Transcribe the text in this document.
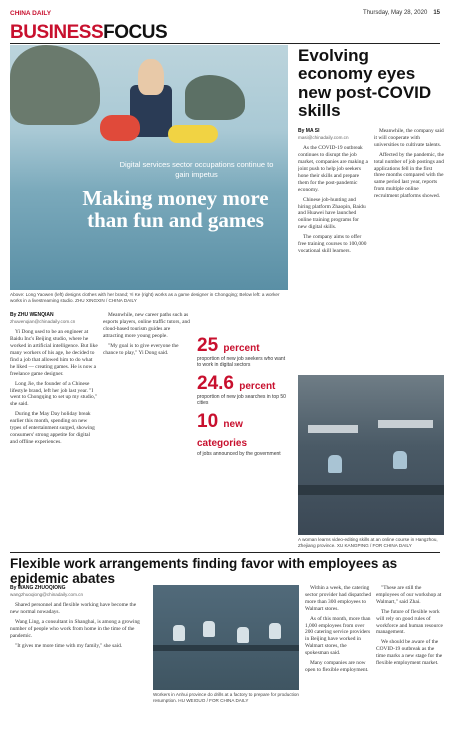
CHINA DAILY	Thursday, May 28, 2020 15
BUSINESSFOCUS
Digital services sector occupations continue to gain impetus
Making money more than fun and games
Above: Long Yaowen (left) designs clothes with her brand; Yi Ke (right) works as a game designer in Chongqing; Below left: a worker works in a livestreaming studio. ZHU XINGXIN / CHINA DAILY
By ZHU WENQIAN
zhuwenqian@chinadaily.com.cn

Yi Dong used to be an engineer at Baidu Inc's Beijing studio, where he worked in artificial intelligence. But like many workers of his age, he decided to find a job that allowed him to do what he liked — creating games. He is now a freelance game designer.

Long Jie, the founder of a Chinese lifestyle brand, left her job last year. "I went to Chongqing to set up my studio," she said.

During the May Day holiday break earlier this month, spending on new types of entertainment surged, showing consumers' strong appetite for digital and offline experiences.

Meanwhile, new career paths such as esports players, online traffic tutors, and cloud-based tourism guides are attracting more young people.

"My goal is to give everyone the chance to play," Yi Dong said.	25 percent
proportion of new job seekers who want to work in digital sectors
24.6 percent
proportion of new job searches in top 50 cities
10 new categories
of jobs announced by the government
Evolving economy eyes new post-COVID skills
By MA SI
masi@chinadaily.com.cn

As the COVID-19 outbreak continues to disrupt the job market, companies are making a joint push to help job seekers hone their skills and prepare them for the post-pandemic economy.

Chinese job-hunting and hiring platform Zhaopin, Baidu and Huawei have launched online training programs for new digital skills.

The company aims to offer free training courses to 100,000 vocational skill learners.

Meanwhile, the company said it will cooperate with universities to cultivate talents.

Affected by the pandemic, the total number of job postings and applications fell in the first three months compared with the same period last year, reports from multiple online recruitment platforms showed.

A woman learns video-editing skills at an online course in Hangzhou, Zhejiang province. XU KANGPING / FOR CHINA DAILY
Flexible work arrangements finding favor with employees as epidemic abates
By WANG ZHUOQIONG
wangzhuoqiong@chinadaily.com.cn

Shared personnel and flexible working have become the new normal nowadays.

Wang Ling, a consultant in Shanghai, is among a growing number of people who work from home in the time of the pandemic.

"It gives me more time with my family," she said.

Workers in Anhui province do drills at a factory to prepare for production resumption. HU WEIGUO / FOR CHINA DAILY

Within a week, the catering sector provider had dispatched more than 300 employees to Walmart stores.

As of this month, more than 1,000 employees from over 200 catering service providers in Beijing have worked in Walmart stores, the spokesman said.

Many companies are now open to flexible employment.

"These are still the employees of our workshop at Walmart," said Zhai.

The future of flexible work will rely on good rules of workforce and human resource management.

We should be aware of the COVID-19 outbreak as the time marks a new stage for the flexible employment market.
